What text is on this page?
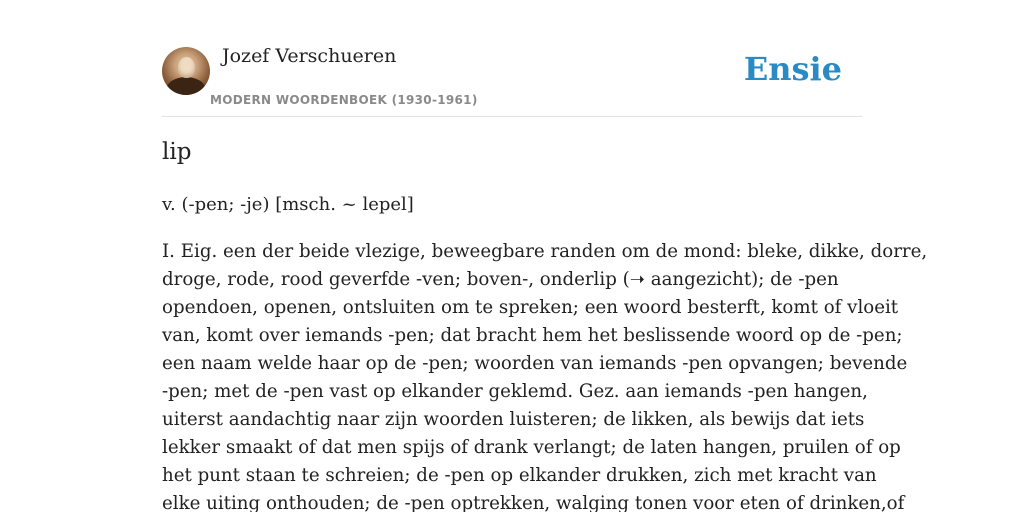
Jozef Verschueren
MODERN WOORDENBOEK (1930-1961)
Ensie
lip
v. (-pen; -je) [msch. ~ lepel]
I. Eig. een der beide vlezige, beweegbare randen om de mond: bleke, dikke, dorre,
droge, rode, rood geverfde -ven; boven-, onderlip (➝ aangezicht); de -pen
opendoen, openen, ontsluiten om te spreken; een woord besterft, komt of vloeit
van, komt over iemands -pen; dat bracht hem het beslissende woord op de -pen;
een naam welde haar op de -pen; woorden van iemands -pen opvangen; bevende
-pen; met de -pen vast op elkander geklemd. Gez. aan iemands -pen hangen,
uiterst aandachtig naar zijn woorden luisteren; de likken, als bewijs dat iets
lekker smaakt of dat men spijs of drank verlangt; de laten hangen, pruilen of op
het punt staan te schreien; de -pen op elkander drukken, zich met kracht van
elke uiting onthouden; de -pen optrekken, walging tonen voor eten of drinken,of
